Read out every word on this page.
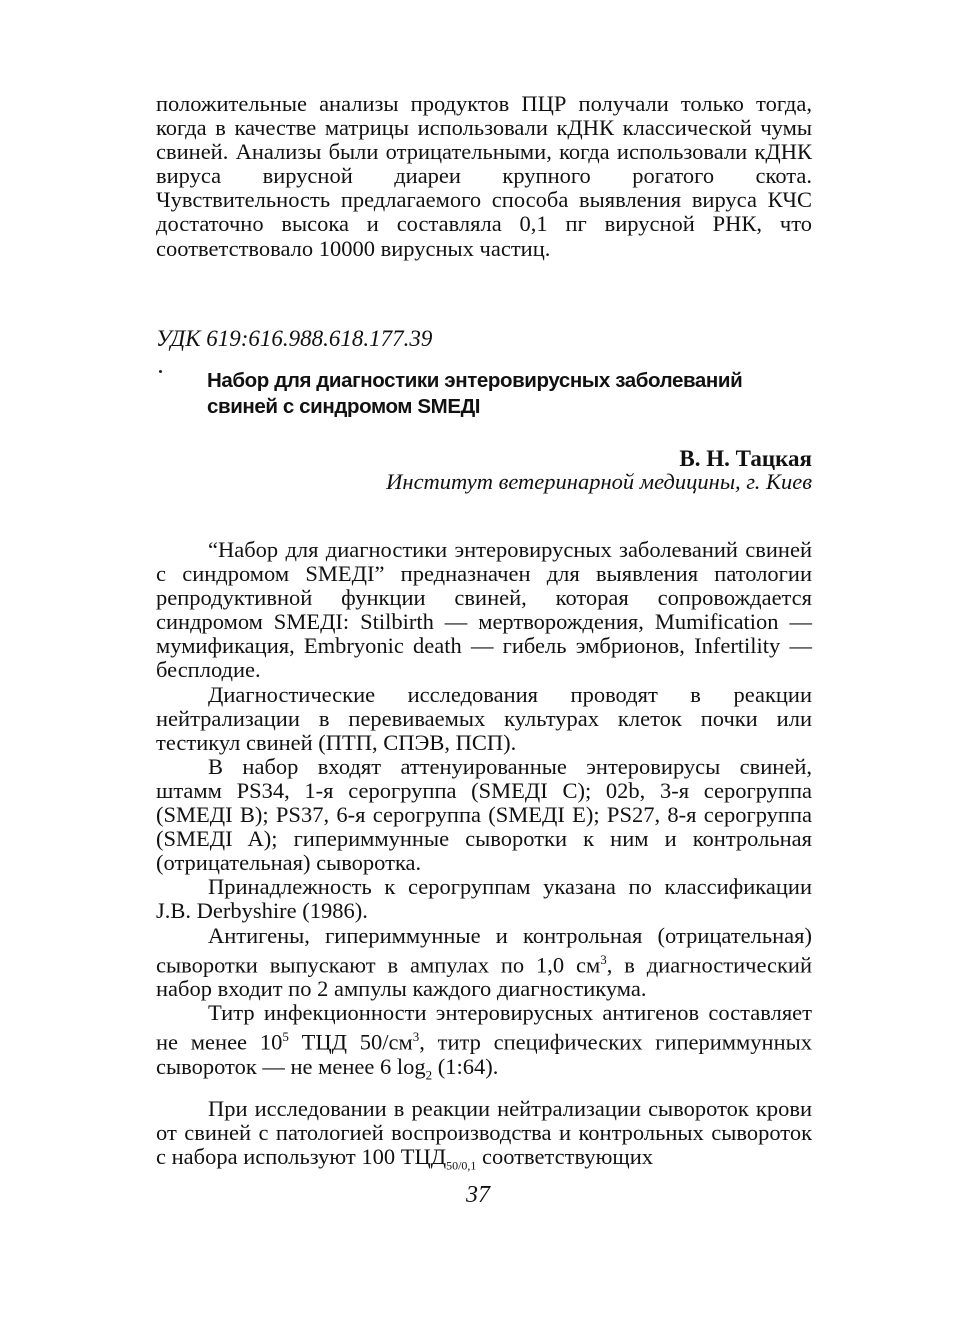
положительные анализы продуктов ПЦР получали только тогда, когда в качестве матрицы использовали кДНК классической чумы свиней. Анализы были отрицательными, когда использовали кДНК вируса вирусной диареи крупного рогатого скота. Чувствительность предлагаемого способа выявления вируса КЧС достаточно высока и составляла 0,1 пг вирусной РНК, что соответствовало 10000 вирусных частиц.

УДК 619:616.988.618.177.39

Набор для диагностики энтеровирусных заболеваний свиней с синдромом SMEДI

В. Н. Тацкая

Институт ветеринарной медицины, г. Киев

“Набор для диагностики энтеровирусных заболеваний свиней с синдромом SMEДI” предназначен для выявления патологии репродуктивной функции свиней, которая сопровождается синдромом SMEДI: Stilbirth — мертворождения, Mumification — мумификация, Embryonic death — гибель эмбрионов, Infertility — бесплодие.

Диагностические исследования проводят в реакции нейтрализации в перевиваемых культурах клеток почки или тестикул свиней (ПТП, СПЭВ, ПСП).

В набор входят аттенуированные энтеровирусы свиней, штамм PS34, 1-я серогруппа (SMEДI C); 02b, 3-я серогруппа (SMEДI B); PS37, 6-я серогруппа (SMEДI E); PS27, 8-я серогруппа (SMEДI A); гипериммунные сыворотки к ним и контрольная (отрицательная) сыворотка.

Принадлежность к серогруппам указана по классификации J.B. Derbyshire (1986).

Антигены, гипериммунные и контрольная (отрицательная) сыворотки выпускают в ампулах по 1,0 $см^3$, в диагностический набор входит по 2 ампулы каждого диагностикума.

Титр инфекционности энтеровирусных антигенов составляет не менее $10^5$ ТЦД $50/см^3$, титр специфических гипериммунных сывороток — не менее 6 $\log_2$ (1:64).

При исследовании в реакции нейтрализации сывороток крови от свиней с патологией воспроизводства и контрольных сывороток с набора используют 100 $ТЦД_{50/0,1}$ соответствующих

37
